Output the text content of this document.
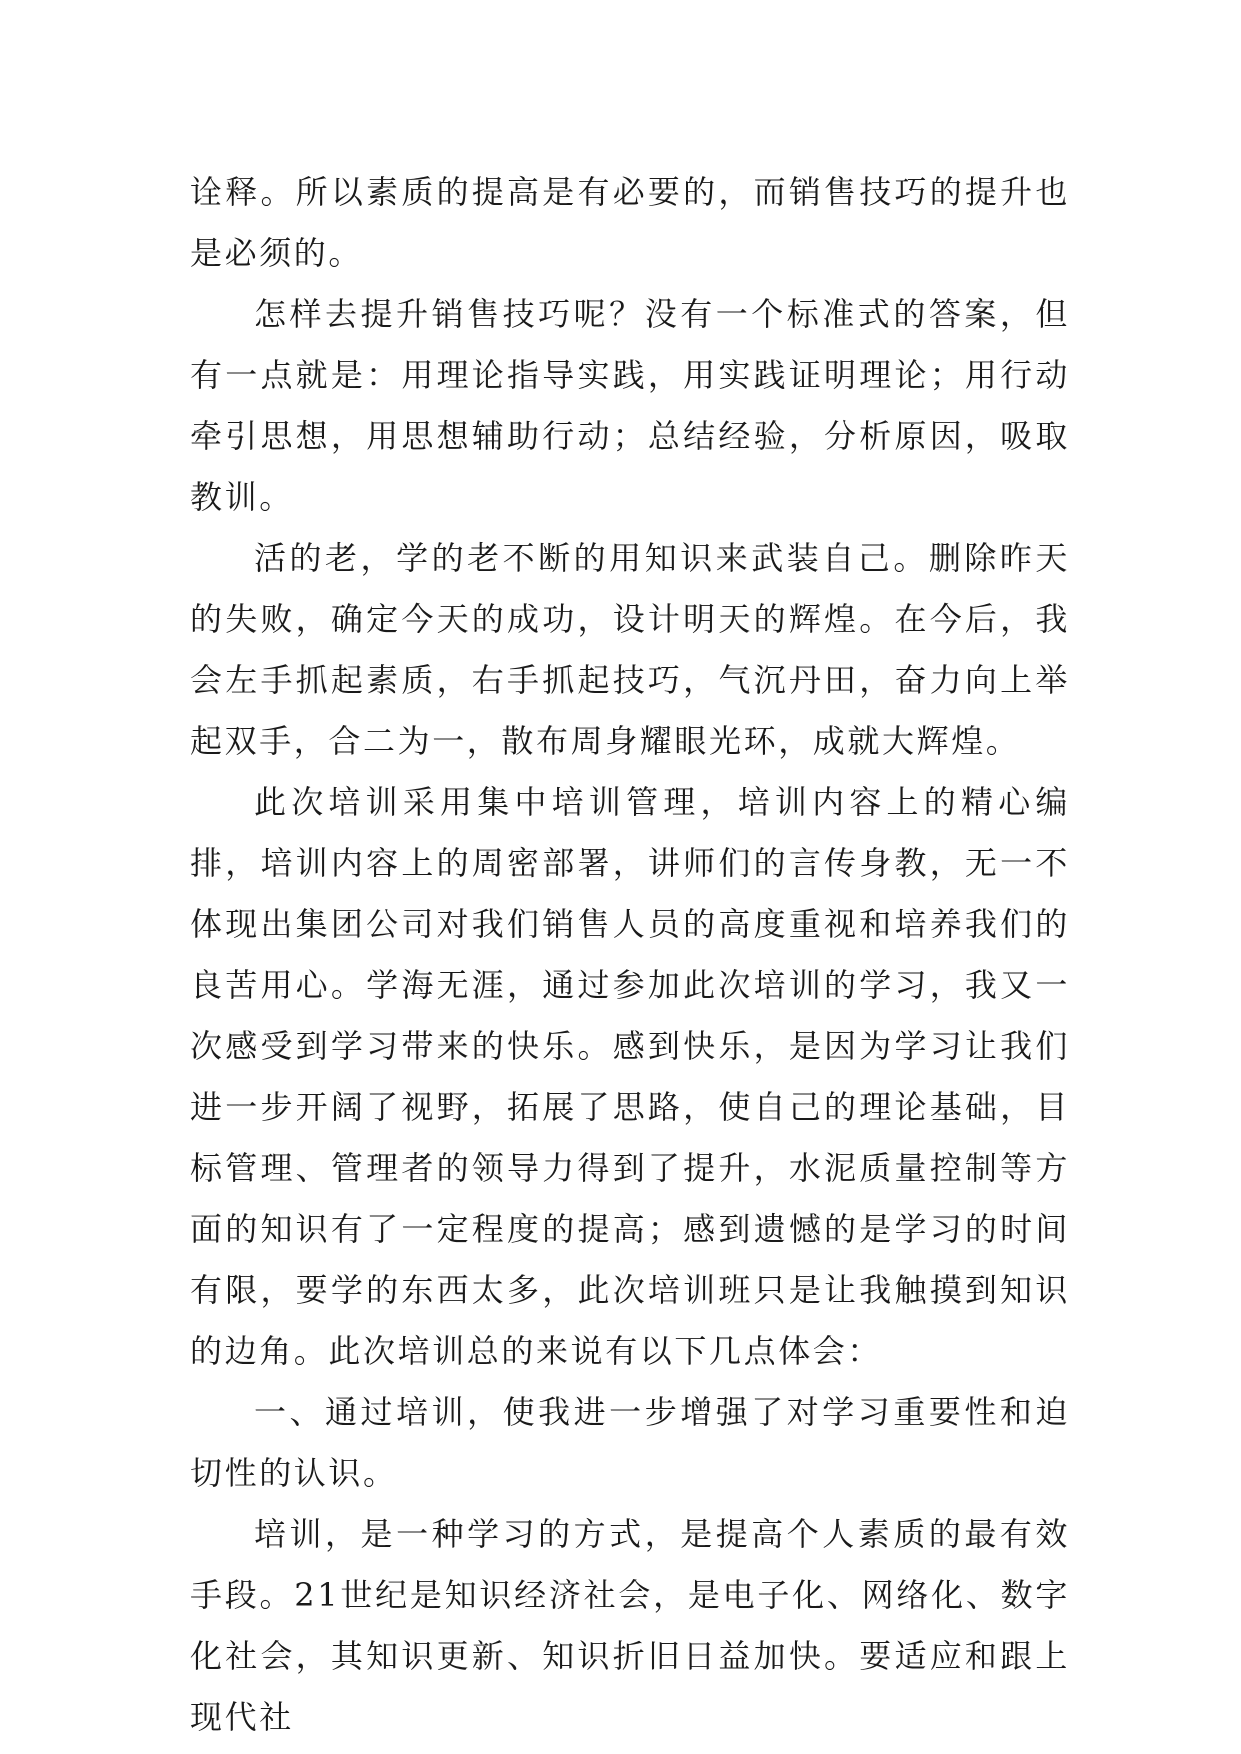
诠释。所以素质的提高是有必要的，而销售技巧的提升也是必须的。

怎样去提升销售技巧呢？没有一个标准式的答案，但有一点就是：用理论指导实践，用实践证明理论；用行动牵引思想，用思想辅助行动；总结经验，分析原因，吸取教训。

活的老，学的老不断的用知识来武装自己。删除昨天的失败，确定今天的成功，设计明天的辉煌。在今后，我会左手抓起素质，右手抓起技巧，气沉丹田，奋力向上举起双手，合二为一，散布周身耀眼光环，成就大辉煌。

此次培训采用集中培训管理，培训内容上的精心编排，培训内容上的周密部署，讲师们的言传身教，无一不体现出集团公司对我们销售人员的高度重视和培养我们的良苦用心。学海无涯，通过参加此次培训的学习，我又一次感受到学习带来的快乐。感到快乐，是因为学习让我们进一步开阔了视野，拓展了思路，使自己的理论基础，目标管理、管理者的领导力得到了提升，水泥质量控制等方面的知识有了一定程度的提高；感到遗憾的是学习的时间有限，要学的东西太多，此次培训班只是让我触摸到知识的边角。此次培训总的来说有以下几点体会：

一、通过培训，使我进一步增强了对学习重要性和迫切性的认识。

培训，是一种学习的方式，是提高个人素质的最有效手段。21世纪是知识经济社会，是电子化、网络化、数字化社会，其知识更新、知识折旧日益加快。要适应和跟上现代社
